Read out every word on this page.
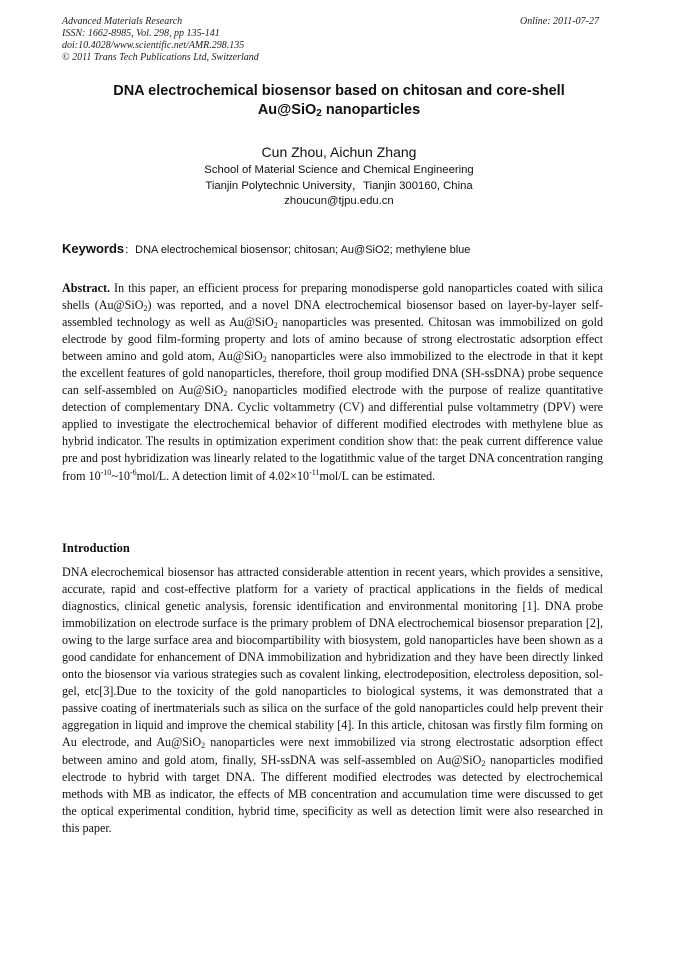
Advanced Materials Research
ISSN: 1662-8985, Vol. 298, pp 135-141
doi:10.4028/www.scientific.net/AMR.298.135
© 2011 Trans Tech Publications Ltd, Switzerland
Online: 2011-07-27
DNA electrochemical biosensor based on chitosan and core-shell
Au@SiO$_2$ nanoparticles
Cun Zhou, Aichun Zhang
School of Material Science and Chemical Engineering
Tianjin Polytechnic University，Tianjin 300160, China
zhoucun@tjpu.edu.cn
Keywords：DNA electrochemical biosensor; chitosan; Au@SiO2; methylene blue
Abstract. In this paper, an efficient process for preparing monodisperse gold nanoparticles coated with silica shells (Au@SiO$_2$) was reported, and a novel DNA electrochemical biosensor based on layer-by-layer self-assembled technology as well as Au@SiO$_2$ nanoparticles was presented. Chitosan was immobilized on gold electrode by good film-forming property and lots of amino because of strong electrostatic adsorption effect between amino and gold atom, Au@SiO$_2$ nanoparticles were also immobilized to the electrode in that it kept the excellent features of gold nanoparticles, therefore, thoil group modified DNA (SH-ssDNA) probe sequence can self-assembled on Au@SiO$_2$ nanoparticles modified electrode with the purpose of realize quantitative detection of complementary DNA. Cyclic voltammetry (CV) and differential pulse voltammetry (DPV) were applied to investigate the electrochemical behavior of different modified electrodes with methylene blue as hybrid indicator. The results in optimization experiment condition show that: the peak current difference value pre and post hybridization was linearly related to the logatithmic value of the target DNA concentration ranging from $10^{-10}\sim 10^{-6}mol/L$. A detection limit of $4.02\times 10^{-11}mol/L$ can be estimated.
Introduction
DNA elecrochemical biosensor has attracted considerable attention in recent years, which provides a sensitive, accurate, rapid and cost-effective platform for a variety of practical applications in the fields of medical diagnostics, clinical genetic analysis, forensic identification and environmental monitoring [1]. DNA probe immobilization on electrode surface is the primary problem of DNA electrochemical biosensor preparation [2], owing to the large surface area and biocompartibility with biosystem, gold nanoparticles have been shown as a good candidate for enhancement of DNA immobilization and hybridization and they have been directly linked onto the biosensor via various strategies such as covalent linking, electrodeposition, electroless deposition, sol-gel, etc[3].Due to the toxicity of the gold nanoparticles to biological systems, it was demonstrated that a passive coating of inertmaterials such as silica on the surface of the gold nanoparticles could help prevent their aggregation in liquid and improve the chemical stability [4]. In this article, chitosan was firstly film forming on Au electrode, and Au@SiO$_2$ nanoparticles were next immobilized via strong electrostatic adsorption effect between amino and gold atom, finally, SH-ssDNA was self-assembled on Au@SiO$_2$ nanoparticles modified electrode to hybrid with target DNA. The different modified electrodes was detected by electrochemical methods with MB as indicator, the effects of MB concentration and accumulation time were discussed to get the optical experimental condition, hybrid time, specificity as well as detection limit were also researched in this paper.
